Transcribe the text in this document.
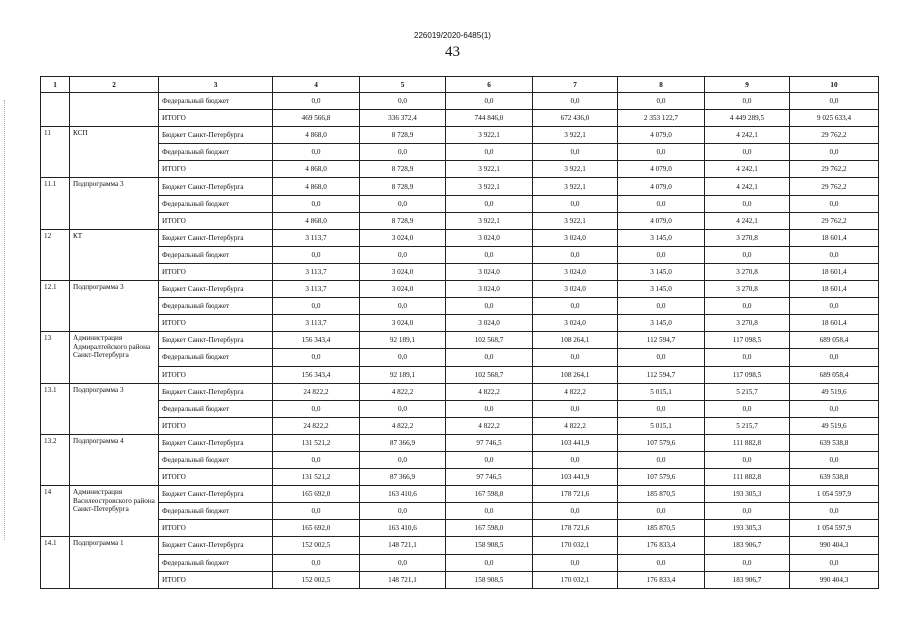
226019/2020-6485(1)
43
1	2	3	4	5	6	7	8	9	10
		Федеральный бюджет	0,0	0,0	0,0	0,0	0,0	0,0	0,0
		ИТОГО	469 566,8	336 372,4	744 846,0	672 436,0	2 353 122,7	4 449 289,5	9 025 633,4
11	КСП	Бюджет Санкт-Петербурга	4 868,0	8 728,9	3 922,1	3 922,1	4 079,0	4 242,1	29 762,2
		Федеральный бюджет	0,0	0,0	0,0	0,0	0,0	0,0	0,0
		ИТОГО	4 868,0	8 728,9	3 922,1	3 922,1	4 079,0	4 242,1	29 762,2
11.1	Подпрограмма 3	Бюджет Санкт-Петербурга	4 868,0	8 728,9	3 922,1	3 922,1	4 079,0	4 242,1	29 762,2
		Федеральный бюджет	0,0	0,0	0,0	0,0	0,0	0,0	0,0
		ИТОГО	4 868,0	8 728,9	3 922,1	3 922,1	4 079,0	4 242,1	29 762,2
12	КТ	Бюджет Санкт-Петербурга	3 113,7	3 024,0	3 024,0	3 024,0	3 145,0	3 270,8	18 601,4
		Федеральный бюджет	0,0	0,0	0,0	0,0	0,0	0,0	0,0
		ИТОГО	3 113,7	3 024,0	3 024,0	3 024,0	3 145,0	3 270,8	18 601,4
12.1	Подпрограмма 3	Бюджет Санкт-Петербурга	3 113,7	3 024,0	3 024,0	3 024,0	3 145,0	3 270,8	18 601,4
		Федеральный бюджет	0,0	0,0	0,0	0,0	0,0	0,0	0,0
		ИТОГО	3 113,7	3 024,0	3 024,0	3 024,0	3 145,0	3 270,8	18 601,4
13	Администрация Адмиралтейского района Санкт-Петербурга	Бюджет Санкт-Петербурга	156 343,4	92 189,1	102 568,7	108 264,1	112 594,7	117 098,5	689 058,4
		Федеральный бюджет	0,0	0,0	0,0	0,0	0,0	0,0	0,0
		ИТОГО	156 343,4	92 189,1	102 568,7	108 264,1	112 594,7	117 098,5	689 058,4
13.1	Подпрограмма 3	Бюджет Санкт-Петербурга	24 822,2	4 822,2	4 822,2	4 822,2	5 015,1	5 215,7	49 519,6
		Федеральный бюджет	0,0	0,0	0,0	0,0	0,0	0,0	0,0
		ИТОГО	24 822,2	4 822,2	4 822,2	4 822,2	5 015,1	5 215,7	49 519,6
13.2	Подпрограмма 4	Бюджет Санкт-Петербурга	131 521,2	87 366,9	97 746,5	103 441,9	107 579,6	111 882,8	639 538,8
		Федеральный бюджет	0,0	0,0	0,0	0,0	0,0	0,0	0,0
		ИТОГО	131 521,2	87 366,9	97 746,5	103 441,9	107 579,6	111 882,8	639 538,8
14	Администрация Василеостровского района Санкт-Петербурга	Бюджет Санкт-Петербурга	165 692,0	163 410,6	167 598,0	178 721,6	185 870,5	193 305,3	1 054 597,9
		Федеральный бюджет	0,0	0,0	0,0	0,0	0,0	0,0	0,0
		ИТОГО	165 692,0	163 410,6	167 598,0	178 721,6	185 870,5	193 305,3	1 054 597,9
14.1	Подпрограмма 1	Бюджет Санкт-Петербурга	152 002,5	148 721,1	158 908,5	170 032,1	176 833,4	183 906,7	990 404,3
		Федеральный бюджет	0,0	0,0	0,0	0,0	0,0	0,0	0,0
		ИТОГО	152 002,5	148 721,1	158 908,5	170 032,1	176 833,4	183 906,7	990 404,3
